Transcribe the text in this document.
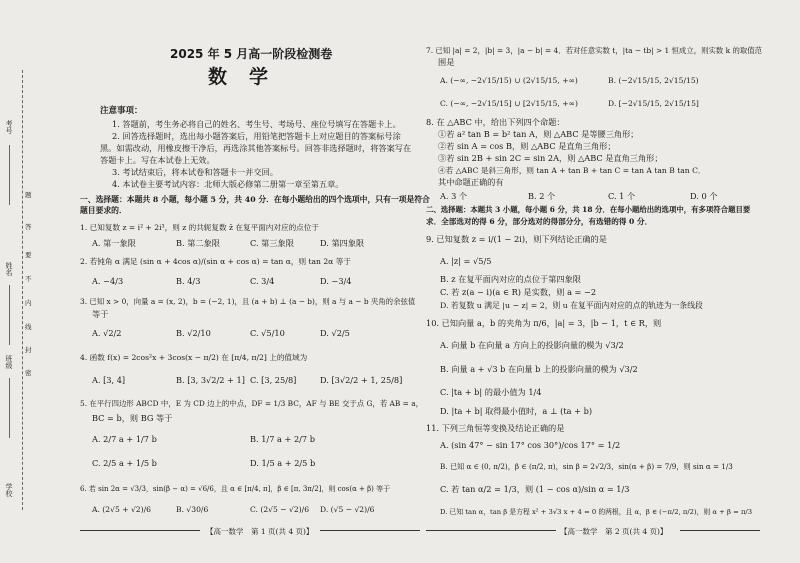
考号
姓名
班级
学校
题
答
要
不
内
线
封
密
2025 年 5 月高一阶段检测卷
数学
注意事项：
1. 答题前，考生务必将自己的姓名、考生号、考场号、座位号填写在答题卡上。
2. 回答选择题时，选出每小题答案后，用铅笔把答题卡上对应题目的答案标号涂
黑。如需改动，用橡皮擦干净后，再选涂其他答案标号。回答非选择题时，将答案写在
答题卡上。写在本试卷上无效。
3. 考试结束后，将本试卷和答题卡一并交回。
4. 本试卷主要考试内容：北师大版必修第二册第一章至第五章。
一、选择题：本题共 8 小题，每小题 5 分，共 40 分．在每小题给出的四个选项中，只有一项是符合
题目要求的．
1. 已知复数 z = i² + 2i³，则 z 的共轭复数 z̄ 在复平面内对应的点位于
A. 第一象限	B. 第二象限	C. 第三象限	D. 第四象限
2. 若钝角 α 满足 (sin α + 4cos α)/(sin α + cos α) = tan α，则 tan 2α 等于
A. −4/3	B. 4/3	C. 3/4	D. −3/4
3. 已知 x > 0，向量 a = (x, 2)，b = (−2, 1)，且 (a + b) ⊥ (a − b)，则 a 与 a − b 夹角的余弦值
等于
A. √2/2	B. √2/10	C. √5/10	D. √2/5
4. 函数 f(x) = 2cos²x + 3cos(x − π/2) 在 [π/4, π/2] 上的值域为
A. [3, 4]	B. [3, 3√2/2 + 1] C. [3, 25/8]	D. [3√2/2 + 1, 25/8]
5. 在平行四边形 ABCD 中，E 为 CD 边上的中点，DF = 1/3 BC，AF 与 BE 交于点 G，若 AB = a，
BC = b，则 BG 等于
A. 2/7 a + 1/7 b	B. 1/7 a + 2/7 b
C. 2/5 a + 1/5 b	D. 1/5 a + 2/5 b
6. 若 sin 2α = √3/3，sin(β − α) = √6/6，且 α ∈ [π/4, π]，β ∈ [π, 3π/2]，则 cos(α + β) 等于
A. (2√5 + √2)/6	B. √30/6	C. (2√5 − √2)/6 D. (√5 − √2)/6
【高一数学　第 1 页(共 4 页)】
7. 已知 |a| = 2，|b| = 3，|a − b| = 4．若对任意实数 t，|ta − tb| > 1 恒成立，则实数 k 的取值范
围是
A. (−∞, −2√15/15) ∪ (2√15/15, +∞)	B. (−2√15/15, 2√15/15)
C. (−∞, −2√15/15] ∪ [2√15/15, +∞)	D. [−2√15/15, 2√15/15]
8. 在 △ABC 中，给出下列四个命题：
①若 a² tan B = b² tan A，则 △ABC 是等腰三角形；
②若 sin A = cos B，则 △ABC 是直角三角形；
③若 sin 2B + sin 2C = sin 2A，则 △ABC 是直角三角形；
④若 △ABC 是斜三角形，则 tan A + tan B + tan C = tan A tan B tan C．
其中命题正确的有
A. 3 个	B. 2 个	C. 1 个	D. 0 个
二、选择题：本题共 3 小题，每小题 6 分，共 18 分．在每小题给出的选项中，有多项符合题目要
求．全部选对的得 6 分，部分选对的得部分分，有选错的得 0 分．
9. 已知复数 z = i/(1 − 2i)，则下列结论正确的是
A. |z| = √5/5
B. z 在复平面内对应的点位于第四象限
C. 若 z(a − i)(a ∈ R) 是实数，则 a = −2
D. 若复数 u 满足 |u − z| = 2，则 u 在复平面内对应的点的轨迹为一条线段
10. 已知向量 a，b 的夹角为 π/6，|a| = 3，|b − 1，t ∈ R，则
A. 向量 b 在向量 a 方向上的投影向量的模为 √3/2
B. 向量 a + √3 b 在向量 b 上的投影向量的模为 √3/2
C. |ta + b| 的最小值为 1/4
D. |ta + b| 取得最小值时，a ⊥ (ta + b)
11. 下列三角恒等变换及结论正确的是
A. (sin 47° − sin 17° cos 30°)/cos 17° = 1/2
B. 已知 α ∈ (0, π/2)，β ∈ (π/2, π)，sin β = 2√2/3，sin(α + β) = 7/9，则 sin α = 1/3
C. 若 tan α/2 = 1/3，则 (1 − cos α)/sin α = 1/3
D. 已知 tan α，tan β 是方程 x² + 3√3 x + 4 = 0 的两根，且 α，β ∈ (−π/2, π/2)，则 α + β = π/3
【高一数学　第 2 页(共 4 页)】
